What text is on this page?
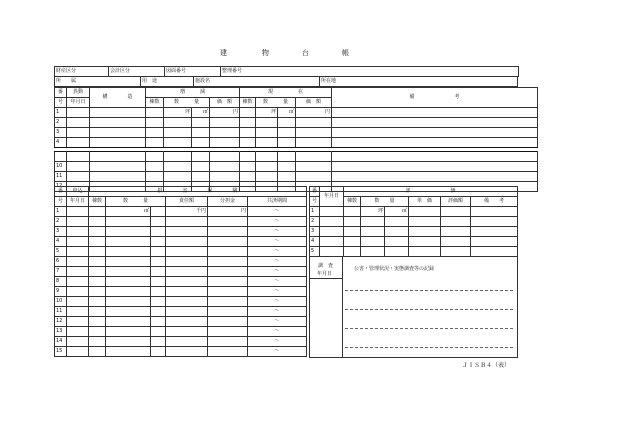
建	物	台	帳
財産区分	会計区分	図面番号	整理番号
所　　属	用　途	施設名	所在地
番	異動	構　　　　造	増　　　減				現　　　　　在				備　　　　　　　　考
号	年月日		棟数	数　　　量		価　額	棟数	数　　　量		価　額	
1				坪	㎡	円		坪	㎡	円	
2											
3											
4											

10											
11											
12											
番	申込	損　　　　害　　　　保　　　　険					
号	年月日	棟数	数　　　量		責任額	分担金	共済期間
1			㎡		千円	円	〜
2							〜
3							〜
4							〜
5							〜
6							〜
7							〜
8							〜
9							〜
10							〜
11							〜
12							〜
13							〜
14							〜
15							〜
番	年月日	評　　　　　　　　価					
号		棟数	数　　量		単　価	評価額	備　　考
1			坪	㎡			
2							
3							
4							
5							
調　査
年月日
公害・管理状況・実態調査等の記録
ＪＩＳＢ４（表）
